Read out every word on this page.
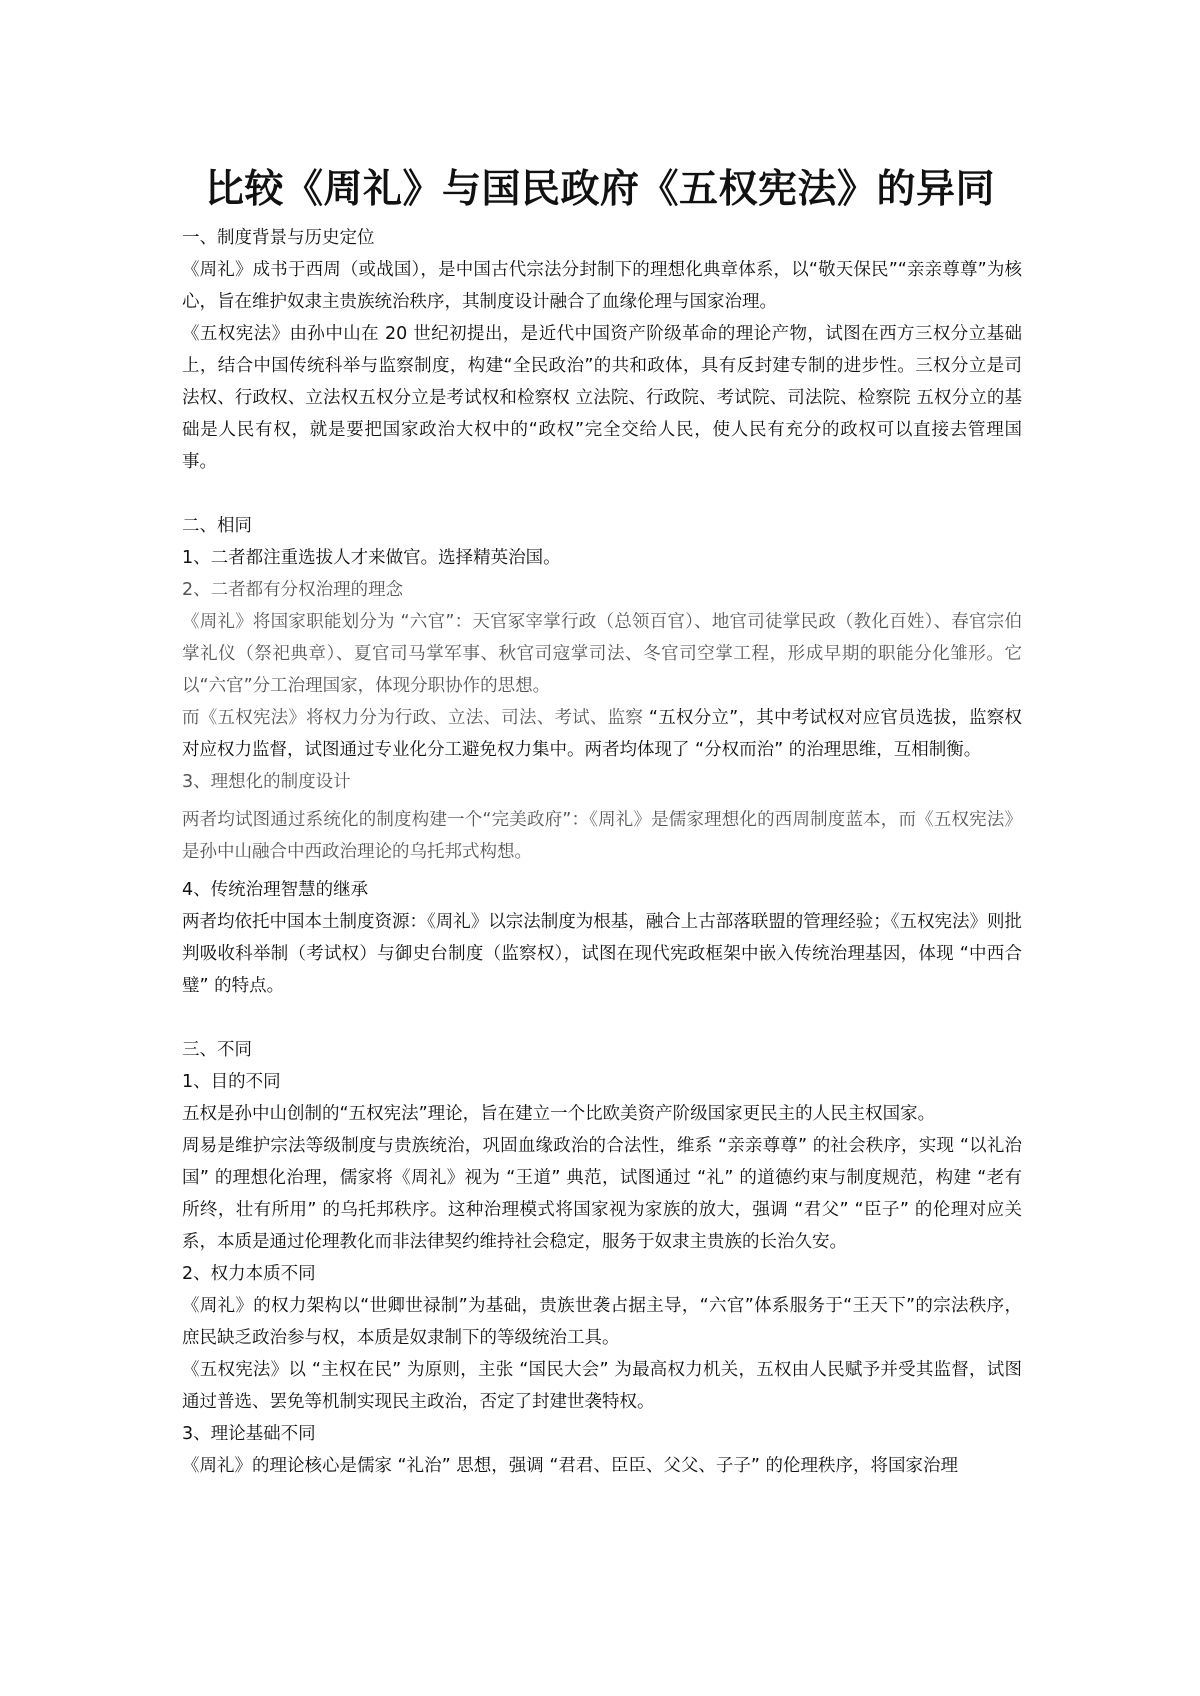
比较《周礼》与国民政府《五权宪法》的异同

一、制度背景与历史定位

《周礼》成书于西周（或战国），是中国古代宗法分封制下的理想化典章体系，以“敬天保民”“亲亲尊尊”为核心，旨在维护奴隶主贵族统治秩序，其制度设计融合了血缘伦理与国家治理。

《五权宪法》由孙中山在 20 世纪初提出，是近代中国资产阶级革命的理论产物，试图在西方三权分立基础上，结合中国传统科举与监察制度，构建“全民政治”的共和政体，具有反封建专制的进步性。三权分立是司法权、行政权、立法权五权分立是考试权和检察权 立法院、行政院、考试院、司法院、检察院 五权分立的基础是人民有权，就是要把国家政治大权中的“政权”完全交给人民，使人民有充分的政权可以直接去管理国事。

二、相同

1、二者都注重选拔人才来做官。选择精英治国。

2、二者都有分权治理的理念

《周礼》将国家职能划分为 “六官”：天官冢宰掌行政（总领百官）、地官司徒掌民政（教化百姓）、春官宗伯掌礼仪（祭祀典章）、夏官司马掌军事、秋官司寇掌司法、冬官司空掌工程，形成早期的职能分化雏形。它以“六官”分工治理国家，体现分职协作的思想。

而《五权宪法》将权力分为行政、立法、司法、考试、监察 “五权分立”，其中考试权对应官员选拔，监察权对应权力监督，试图通过专业化分工避免权力集中。两者均体现了 “分权而治” 的治理思维，互相制衡。

3、理想化的制度设计

两者均试图通过系统化的制度构建一个“完美政府”：《周礼》是儒家理想化的西周制度蓝本，而《五权宪法》是孙中山融合中西政治理论的乌托邦式构想。

4、传统治理智慧的继承

两者均依托中国本土制度资源：《周礼》以宗法制度为根基，融合上古部落联盟的管理经验；《五权宪法》则批判吸收科举制（考试权）与御史台制度（监察权），试图在现代宪政框架中嵌入传统治理基因，体现 “中西合璧” 的特点。

三、不同

1、目的不同

五权是孙中山创制的“五权宪法”理论，旨在建立一个比欧美资产阶级国家更民主的人民主权国家。

周易是维护宗法等级制度与贵族统治，巩固血缘政治的合法性，维系 “亲亲尊尊” 的社会秩序，实现 “以礼治国” 的理想化治理，儒家将《周礼》视为 “王道” 典范，试图通过 “礼” 的道德约束与制度规范，构建 “老有所终，壮有所用” 的乌托邦秩序。这种治理模式将国家视为家族的放大，强调 “君父” “臣子” 的伦理对应关系，本质是通过伦理教化而非法律契约维持社会稳定，服务于奴隶主贵族的长治久安。

2、权力本质不同

《周礼》的权力架构以“世卿世禄制”为基础，贵族世袭占据主导，“六官”体系服务于“王天下”的宗法秩序，庶民缺乏政治参与权，本质是奴隶制下的等级统治工具。

《五权宪法》以 “主权在民” 为原则，主张 “国民大会” 为最高权力机关，五权由人民赋予并受其监督，试图通过普选、罢免等机制实现民主政治，否定了封建世袭特权。

3、理论基础不同

《周礼》的理论核心是儒家 “礼治” 思想，强调 “君君、臣臣、父父、子子” 的伦理秩序，将国家治理
